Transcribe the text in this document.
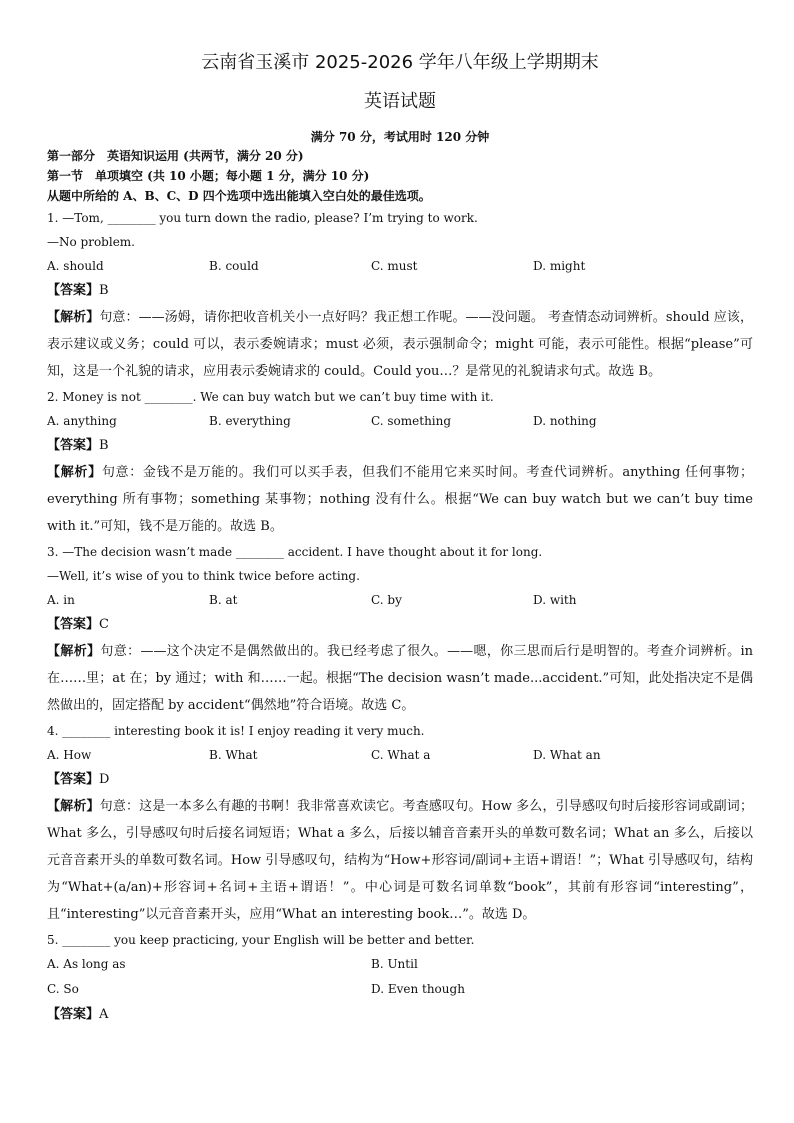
云南省玉溪市 2025-2026 学年八年级上学期期末

英语试题

满分 70 分，考试用时 120 分钟

第一部分　英语知识运用 (共两节，满分 20 分)

第一节　单项填空 (共 10 小题；每小题 1 分，满分 10 分)

从题中所给的 A、B、C、D 四个选项中选出能填入空白处的最佳选项。

1. —Tom, ________ you turn down the radio, please? I’m trying to work.

—No problem.

A. should	B. could	C. must	D. might

【答案】B

【解析】句意：——汤姆，请你把收音机关小一点好吗？我正想工作呢。——没问题。 考查情态动词辨析。should 应该，表示建议或义务；could 可以，表示委婉请求；must 必须，表示强制命令；might 可能，表示可能性。根据“please”可知，这是一个礼貌的请求，应用表示委婉请求的 could。Could you…？是常见的礼貌请求句式。故选 B。

2. Money is not ________. We can buy watch but we can’t buy time with it.

A. anything	B. everything	C. something	D. nothing

【答案】B

【解析】句意：金钱不是万能的。我们可以买手表，但我们不能用它来买时间。考查代词辨析。anything 任何事物；everything 所有事物；something 某事物；nothing 没有什么。根据“We can buy watch but we can’t buy time with it.”可知，钱不是万能的。故选 B。

3. —The decision wasn’t made ________ accident. I have thought about it for long.

—Well, it’s wise of you to think twice before acting.

A. in	B. at	C. by	D. with

【答案】C

【解析】句意：——这个决定不是偶然做出的。我已经考虑了很久。——嗯，你三思而后行是明智的。考查介词辨析。in 在……里；at 在；by 通过；with 和……一起。根据“The decision wasn’t made...accident.”可知，此处指决定不是偶然做出的，固定搭配 by accident“偶然地”符合语境。故选 C。

4. ________ interesting book it is! I enjoy reading it very much.

A. How	B. What	C. What a	D. What an

【答案】D

【解析】句意：这是一本多么有趣的书啊！我非常喜欢读它。考查感叹句。How 多么，引导感叹句时后接形容词或副词；What 多么，引导感叹句时后接名词短语；What a 多么，后接以辅音音素开头的单数可数名词；What an 多么，后接以元音音素开头的单数可数名词。How 引导感叹句，结构为“How+形容词/副词+主语+谓语！”；What 引导感叹句，结构为“What+(a/an)+形容词+名词+主语+谓语！”。中心词是可数名词单数“book”，其前有形容词“interesting”，且“interesting”以元音音素开头，应用“What an interesting book…”。故选 D。

5. ________ you keep practicing, your English will be better and better.

A. As long as	B. Until
C. So	D. Even though

【答案】A
